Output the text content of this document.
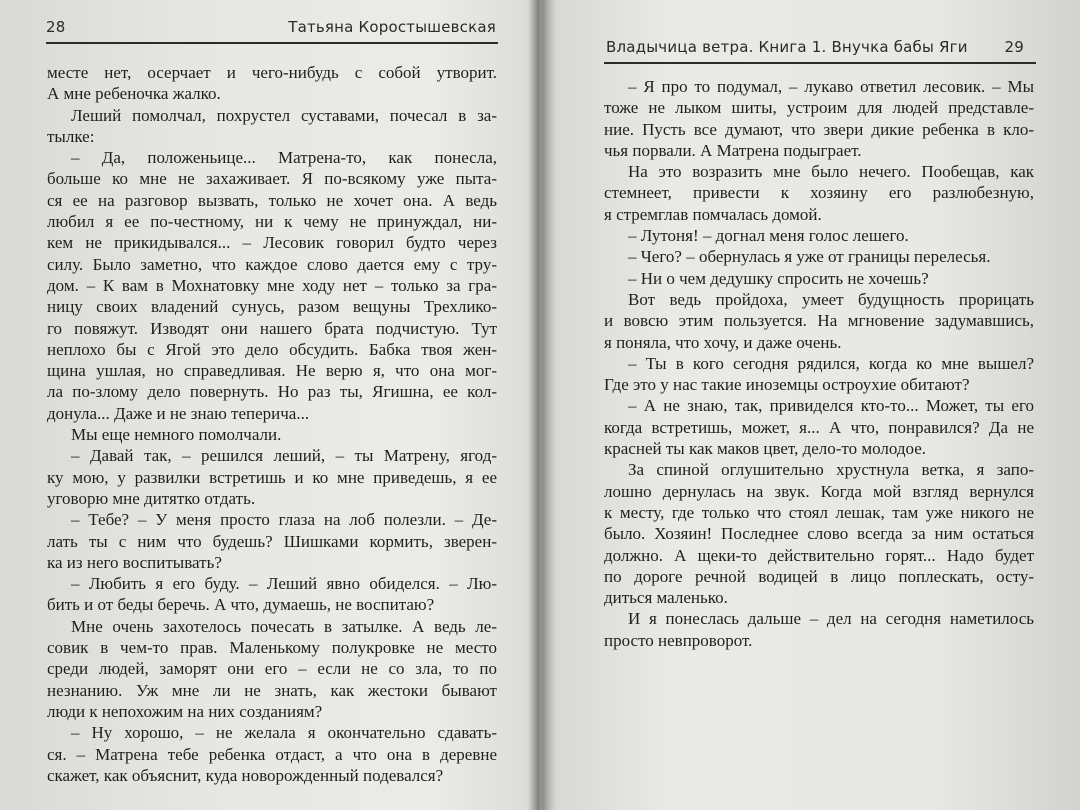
28	Татьяна Коростышевская
месте нет, осерчает и чего-нибудь с собой утворит.
А мне ребеночка жалко.
Леший помолчал, похрустел суставами, почесал в за-
тылке:
– Да, положеньице... Матрена-то, как понесла,
больше ко мне не захаживает. Я по-всякому уже пыта-
ся ее на разговор вызвать, только не хочет она. А ведь
любил я ее по-честному, ни к чему не принуждал, ни-
кем не прикидывался... – Лесовик говорил будто через
силу. Было заметно, что каждое слово дается ему с тру-
дом. – К вам в Мохнатовку мне ходу нет – только за гра-
ницу своих владений сунусь, разом вещуны Трехлико-
го повяжут. Изводят они нашего брата подчистую. Тут
неплохо бы с Ягой это дело обсудить. Бабка твоя жен-
щина ушлая, но справедливая. Не верю я, что она мог-
ла по-злому дело повернуть. Но раз ты, Ягишна, ее кол-
донула... Даже и не знаю теперича...
Мы еще немного помолчали.
– Давай так, – решился леший, – ты Матрену, ягод-
ку мою, у развилки встретишь и ко мне приведешь, я ее
уговорю мне дитятко отдать.
– Тебе? – У меня просто глаза на лоб полезли. – Де-
лать ты с ним что будешь? Шишками кормить, зверен-
ка из него воспитывать?
– Любить я его буду. – Леший явно обиделся. – Лю-
бить и от беды беречь. А что, думаешь, не воспитаю?
Мне очень захотелось почесать в затылке. А ведь ле-
совик в чем-то прав. Маленькому полукровке не место
среди людей, заморят они его – если не со зла, то по
незнанию. Уж мне ли не знать, как жестоки бывают
люди к непохожим на них созданиям?
– Ну хорошо, – не желала я окончательно сдавать-
ся. – Матрена тебе ребенка отдаст, а что она в деревне
скажет, как объяснит, куда новорожденный подевался?
Владычица ветра. Книга 1. Внучка бабы Яги 29
– Я про то подумал, – лукаво ответил лесовик. – Мы
тоже не лыком шиты, устроим для людей представле-
ние. Пусть все думают, что звери дикие ребенка в кло-
чья порвали. А Матрена подыграет.
На это возразить мне было нечего. Пообещав, как
стемнеет, привести к хозяину его разлюбезную,
я стремглав помчалась домой.
– Лутоня! – догнал меня голос лешего.
– Чего? – обернулась я уже от границы перелесья.
– Ни о чем дедушку спросить не хочешь?
Вот ведь пройдоха, умеет будущность прорицать
и вовсю этим пользуется. На мгновение задумавшись,
я поняла, что хочу, и даже очень.
– Ты в кого сегодня рядился, когда ко мне вышел?
Где это у нас такие иноземцы остроухие обитают?
– А не знаю, так, привиделся кто-то... Может, ты его
когда встретишь, может, я... А что, понравился? Да не
красней ты как маков цвет, дело-то молодое.
За спиной оглушительно хрустнула ветка, я запо-
лошно дернулась на звук. Когда мой взгляд вернулся
к месту, где только что стоял лешак, там уже никого не
было. Хозяин! Последнее слово всегда за ним остаться
должно. А щеки-то действительно горят... Надо будет
по дороге речной водицей в лицо поплескать, осту-
диться маленько.
И я понеслась дальше – дел на сегодня наметилось
просто невпроворот.
